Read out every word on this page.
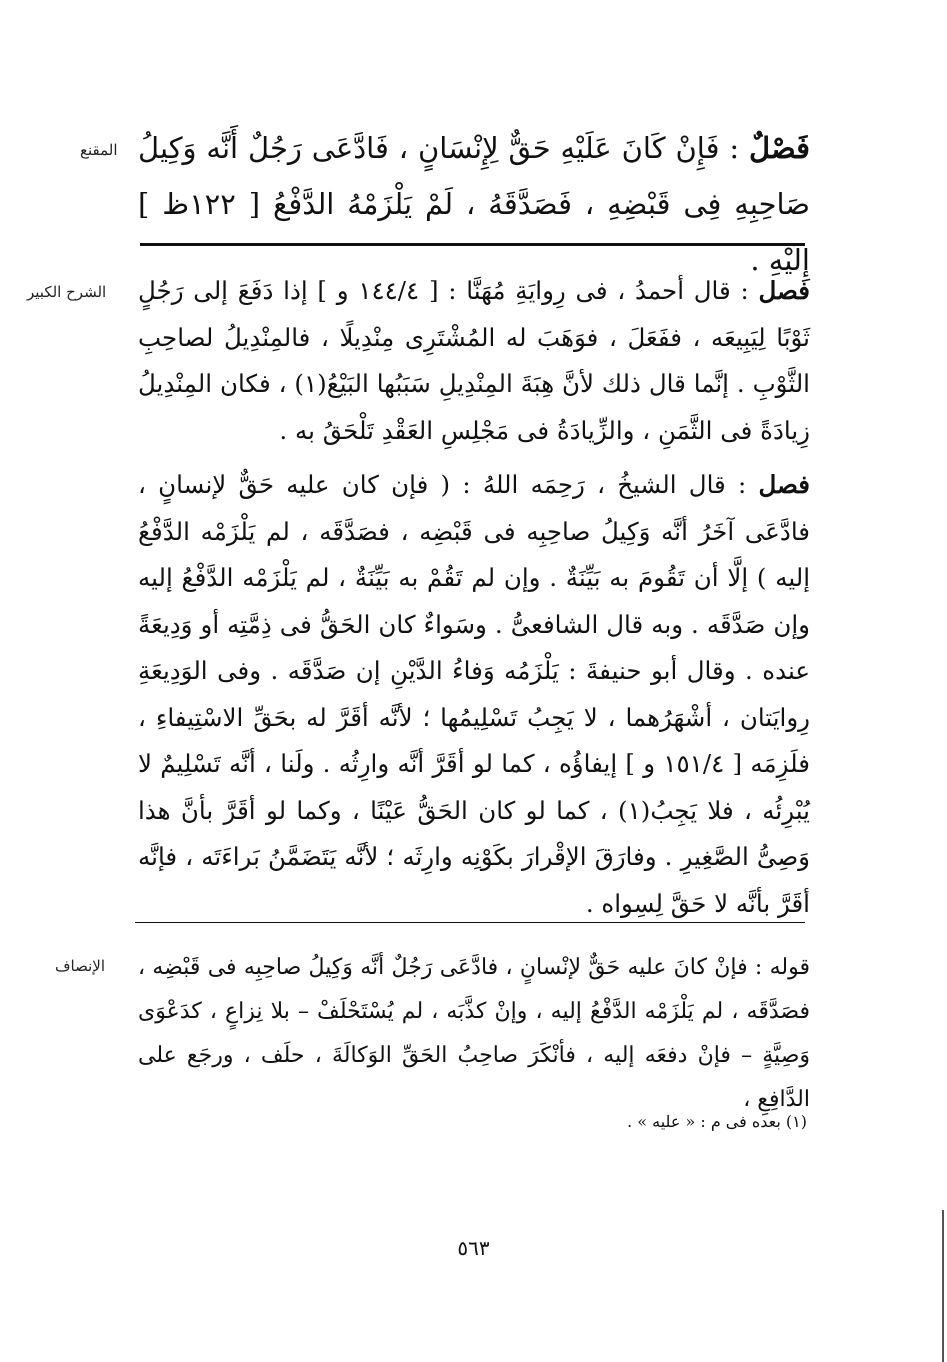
المقنع
الشرح الكبير
الإنصاف

فَصْلٌ : فَإِنْ كَانَ عَلَيْهِ حَقٌّ لِإِنْسَانٍ ، فَادَّعَى رَجُلٌ أَنَّه وَكِيلُ صَاحِبِهِ فِى قَبْضِهِ ، فَصَدَّقَهُ ، لَمْ يَلْزَمْهُ الدَّفْعُ [ ١٢٢ظ ] إِلَيْهِ .

فصل : قال أحمدُ ، فى رِوايَةِ مُهَنَّا : [ ١٤٤/٤ و ] إذا دَفَعَ إلى رَجُلٍ ثَوْبًا لِيَبِيعَه ، ففَعَلَ ، فوَهَبَ له المُشْتَرِى مِنْدِيلًا ، فالمِنْدِيلُ لصاحِبِ الثَّوْبِ . إنَّما قال ذلك لأنَّ هِبَةَ المِنْدِيلِ سَبَبُها البَيْعُ(١) ، فكان المِنْدِيلُ زِيادَةً فى الثَّمَنِ ، والزِّيادَةُ فى مَجْلِسِ العَقْدِ تَلْحَقُ به .

فصل : قال الشيخُ ، رَحِمَه اللهُ : ( فإن كان عليه حَقٌّ لإنسانٍ ، فادَّعَى آخَرُ أنَّه وَكِيلُ صاحِبِه فى قَبْضِه ، فصَدَّقَه ، لم يَلْزَمْه الدَّفْعُ إليه ) إلَّا أن تَقُومَ به بَيِّنَةٌ . وإن لم تَقُمْ به بَيِّنَةٌ ، لم يَلْزَمْه الدَّفْعُ إليه وإن صَدَّقَه . وبه قال الشافعىُّ . وسَواءٌ كان الحَقُّ فى ذِمَّتِه أو وَدِيعَةً عنده . وقال أبو حنيفةَ : يَلْزَمُه وَفاءُ الدَّيْنِ إن صَدَّقَه . وفى الوَدِيعَةِ رِوايَتان ، أشْهَرُهما ، لا يَجِبُ تَسْلِيمُها ؛ لأنَّه أقَرَّ له بحَقِّ الاسْتِيفاءِ ، فلَزِمَه [ ١٥١/٤ و ] إيفاؤُه ، كما لو أقَرَّ أنَّه وارِثُه . ولَنا ، أنَّه تَسْلِيمٌ لا يُبْرِئُه ، فلا يَجِبُ(١) ، كما لو كان الحَقُّ عَيْنًا ، وكما لو أقَرَّ بأنَّ هذا وَصِىُّ الصَّغِيرِ . وفارَقَ الإقْرارَ بكَوْنِه وارِثَه ؛ لأنَّه يَتَضَمَّنُ بَراءَتَه ، فإنَّه أقَرَّ بأنَّه لا حَقَّ لِسِواه .

قوله : فإنْ كانَ عليه حَقٌّ لإنْسانٍ ، فادَّعَى رَجُلٌ أنَّه وَكِيلُ صاحِبِه فى قَبْضِه ، فصَدَّقَه ، لم يَلْزَمْه الدَّفْعُ إليه ، وإنْ كذَّبَه ، لم يُسْتَحْلَفْ – بلا نِزاعٍ ، كدَعْوَى وَصِيَّةٍ – فإنْ دفعَه إليه ، فأنْكَرَ صاحِبُ الحَقِّ الوَكالَةَ ، حلَف ، ورجَع على الدَّافِعِ ،

(١) بعده فى م : « عليه » .
٥٦٣
